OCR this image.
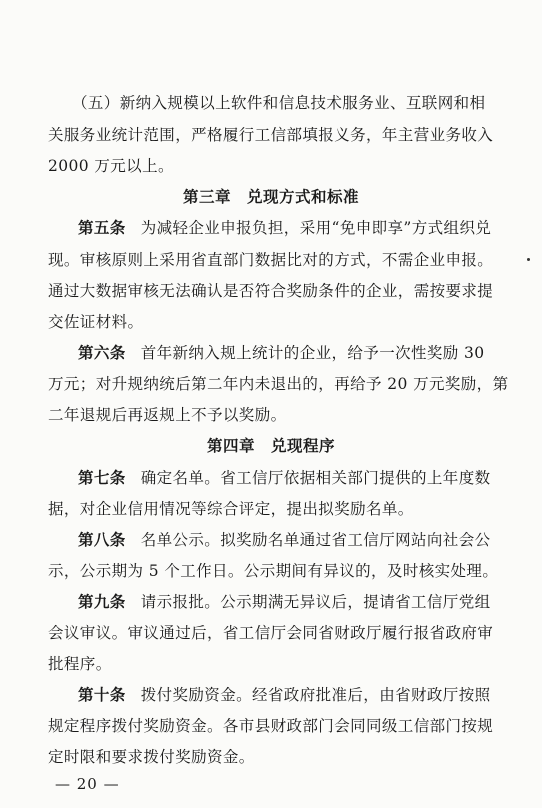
（五）新纳入规模以上软件和信息技术服务业、互联网和相
关服务业统计范围，严格履行工信部填报义务，年主营业务收入
2000 万元以上。
第三章　兑现方式和标准
第五条 为减轻企业申报负担，采用“免申即享”方式组织兑
现。审核原则上采用省直部门数据比对的方式，不需企业申报。
通过大数据审核无法确认是否符合奖励条件的企业，需按要求提
交佐证材料。
第六条 首年新纳入规上统计的企业，给予一次性奖励 30
万元；对升规纳统后第二年内未退出的，再给予 20 万元奖励，第
二年退规后再返规上不予以奖励。
第四章　兑现程序
第七条 确定名单。省工信厅依据相关部门提供的上年度数
据，对企业信用情况等综合评定，提出拟奖励名单。
第八条 名单公示。拟奖励名单通过省工信厅网站向社会公
示，公示期为 5 个工作日。公示期间有异议的，及时核实处理。
第九条 请示报批。公示期满无异议后，提请省工信厅党组
会议审议。审议通过后，省工信厅会同省财政厅履行报省政府审
批程序。
第十条 拨付奖励资金。经省政府批准后，由省财政厅按照
规定程序拨付奖励资金。各市县财政部门会同同级工信部门按规
定时限和要求拨付奖励资金。
— 20 —
